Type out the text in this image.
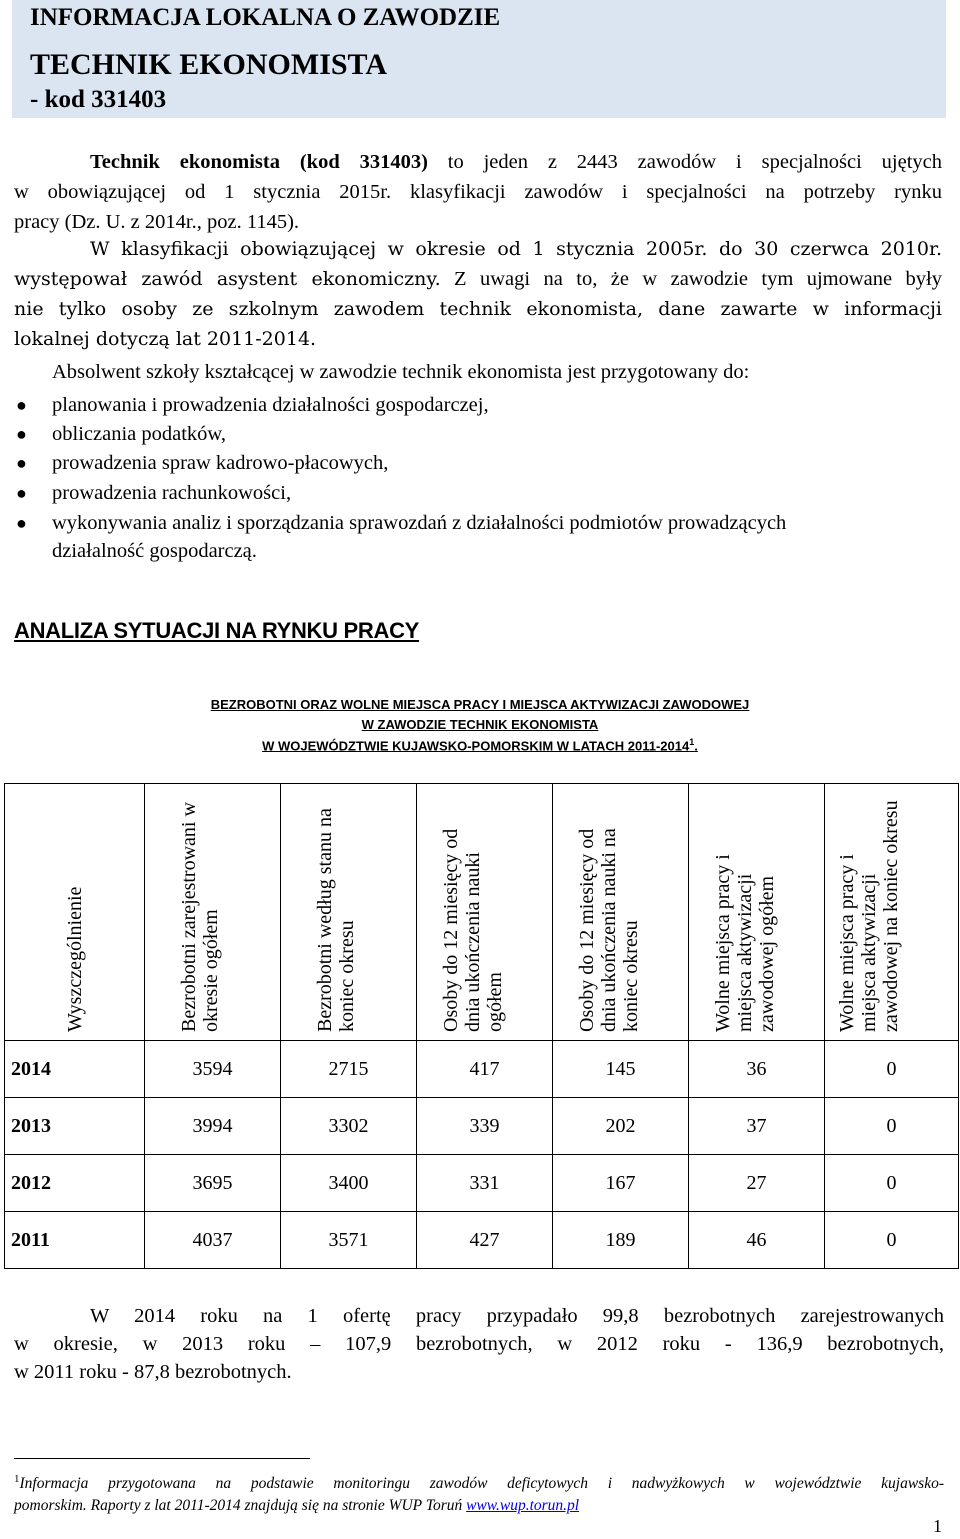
INFORMACJA LOKALNA O ZAWODZIE
TECHNIK EKONOMISTA
- kod 331403
Technik ekonomista (kod 331403) to jeden z 2443 zawodów i specjalności ujętych
w obowiązującej od 1 stycznia 2015r. klasyfikacji zawodów i specjalności na potrzeby rynku
pracy (Dz. U. z 2014r., poz. 1145).
W klasyfikacji obowiązującej w okresie od 1 stycznia 2005r. do 30 czerwca 2010r.
występował zawód asystent ekonomiczny. Z uwagi na to, że w zawodzie tym ujmowane były
nie tylko osoby ze szkolnym zawodem technik ekonomista, dane zawarte w informacji
lokalnej dotyczą lat 2011-2014.
Absolwent szkoły kształcącej w zawodzie technik ekonomista jest przygotowany do:
● planowania i prowadzenia działalności gospodarczej,
● obliczania podatków,
● prowadzenia spraw kadrowo-płacowych,
● prowadzenia rachunkowości,
● wykonywania analiz i sporządzania sprawozdań z działalności podmiotów prowadzących
działalność gospodarczą.
ANALIZA SYTUACJI NA RYNKU PRACY
BEZROBOTNI ORAZ WOLNE MIEJSCA PRACY I MIEJSCA AKTYWIZACJI ZAWODOWEJ
W ZAWODZIE TECHNIK EKONOMISTA
W WOJEWÓDZTWIE KUJAWSKO-POMORSKIM W LATACH 2011-2014$^1$.
Wyszczególnienie	Bezrobotni zarejestrowani w okresie ogółem	Bezrobotni według stanu na koniec okresu	Osoby do 12 miesięcy od dnia ukończenia nauki ogółem	Osoby do 12 miesięcy od dnia ukończenia nauki na koniec okresu	Wolne miejsca pracy i miejsca aktywizacji zawodowej ogółem	Wolne miejsca pracy i miejsca aktywizacji zawodowej na koniec okresu

2014	3594	2715	417	145	36	0
2013	3994	3302	339	202	37	0
2012	3695	3400	331	167	27	0
2011	4037	3571	427	189	46	0
W 2014 roku na 1 ofertę pracy przypadało 99,8 bezrobotnych zarejestrowanych
w okresie, w 2013 roku – 107,9 bezrobotnych, w 2012 roku - 136,9 bezrobotnych,
w 2011 roku - 87,8 bezrobotnych.
$^1$Informacja przygotowana na podstawie monitoringu zawodów deficytowych i nadwyżkowych w województwie kujawsko-
pomorskim. Raporty z lat 2011-2014 znajdują się na stronie WUP Toruń www.wup.torun.pl
1
